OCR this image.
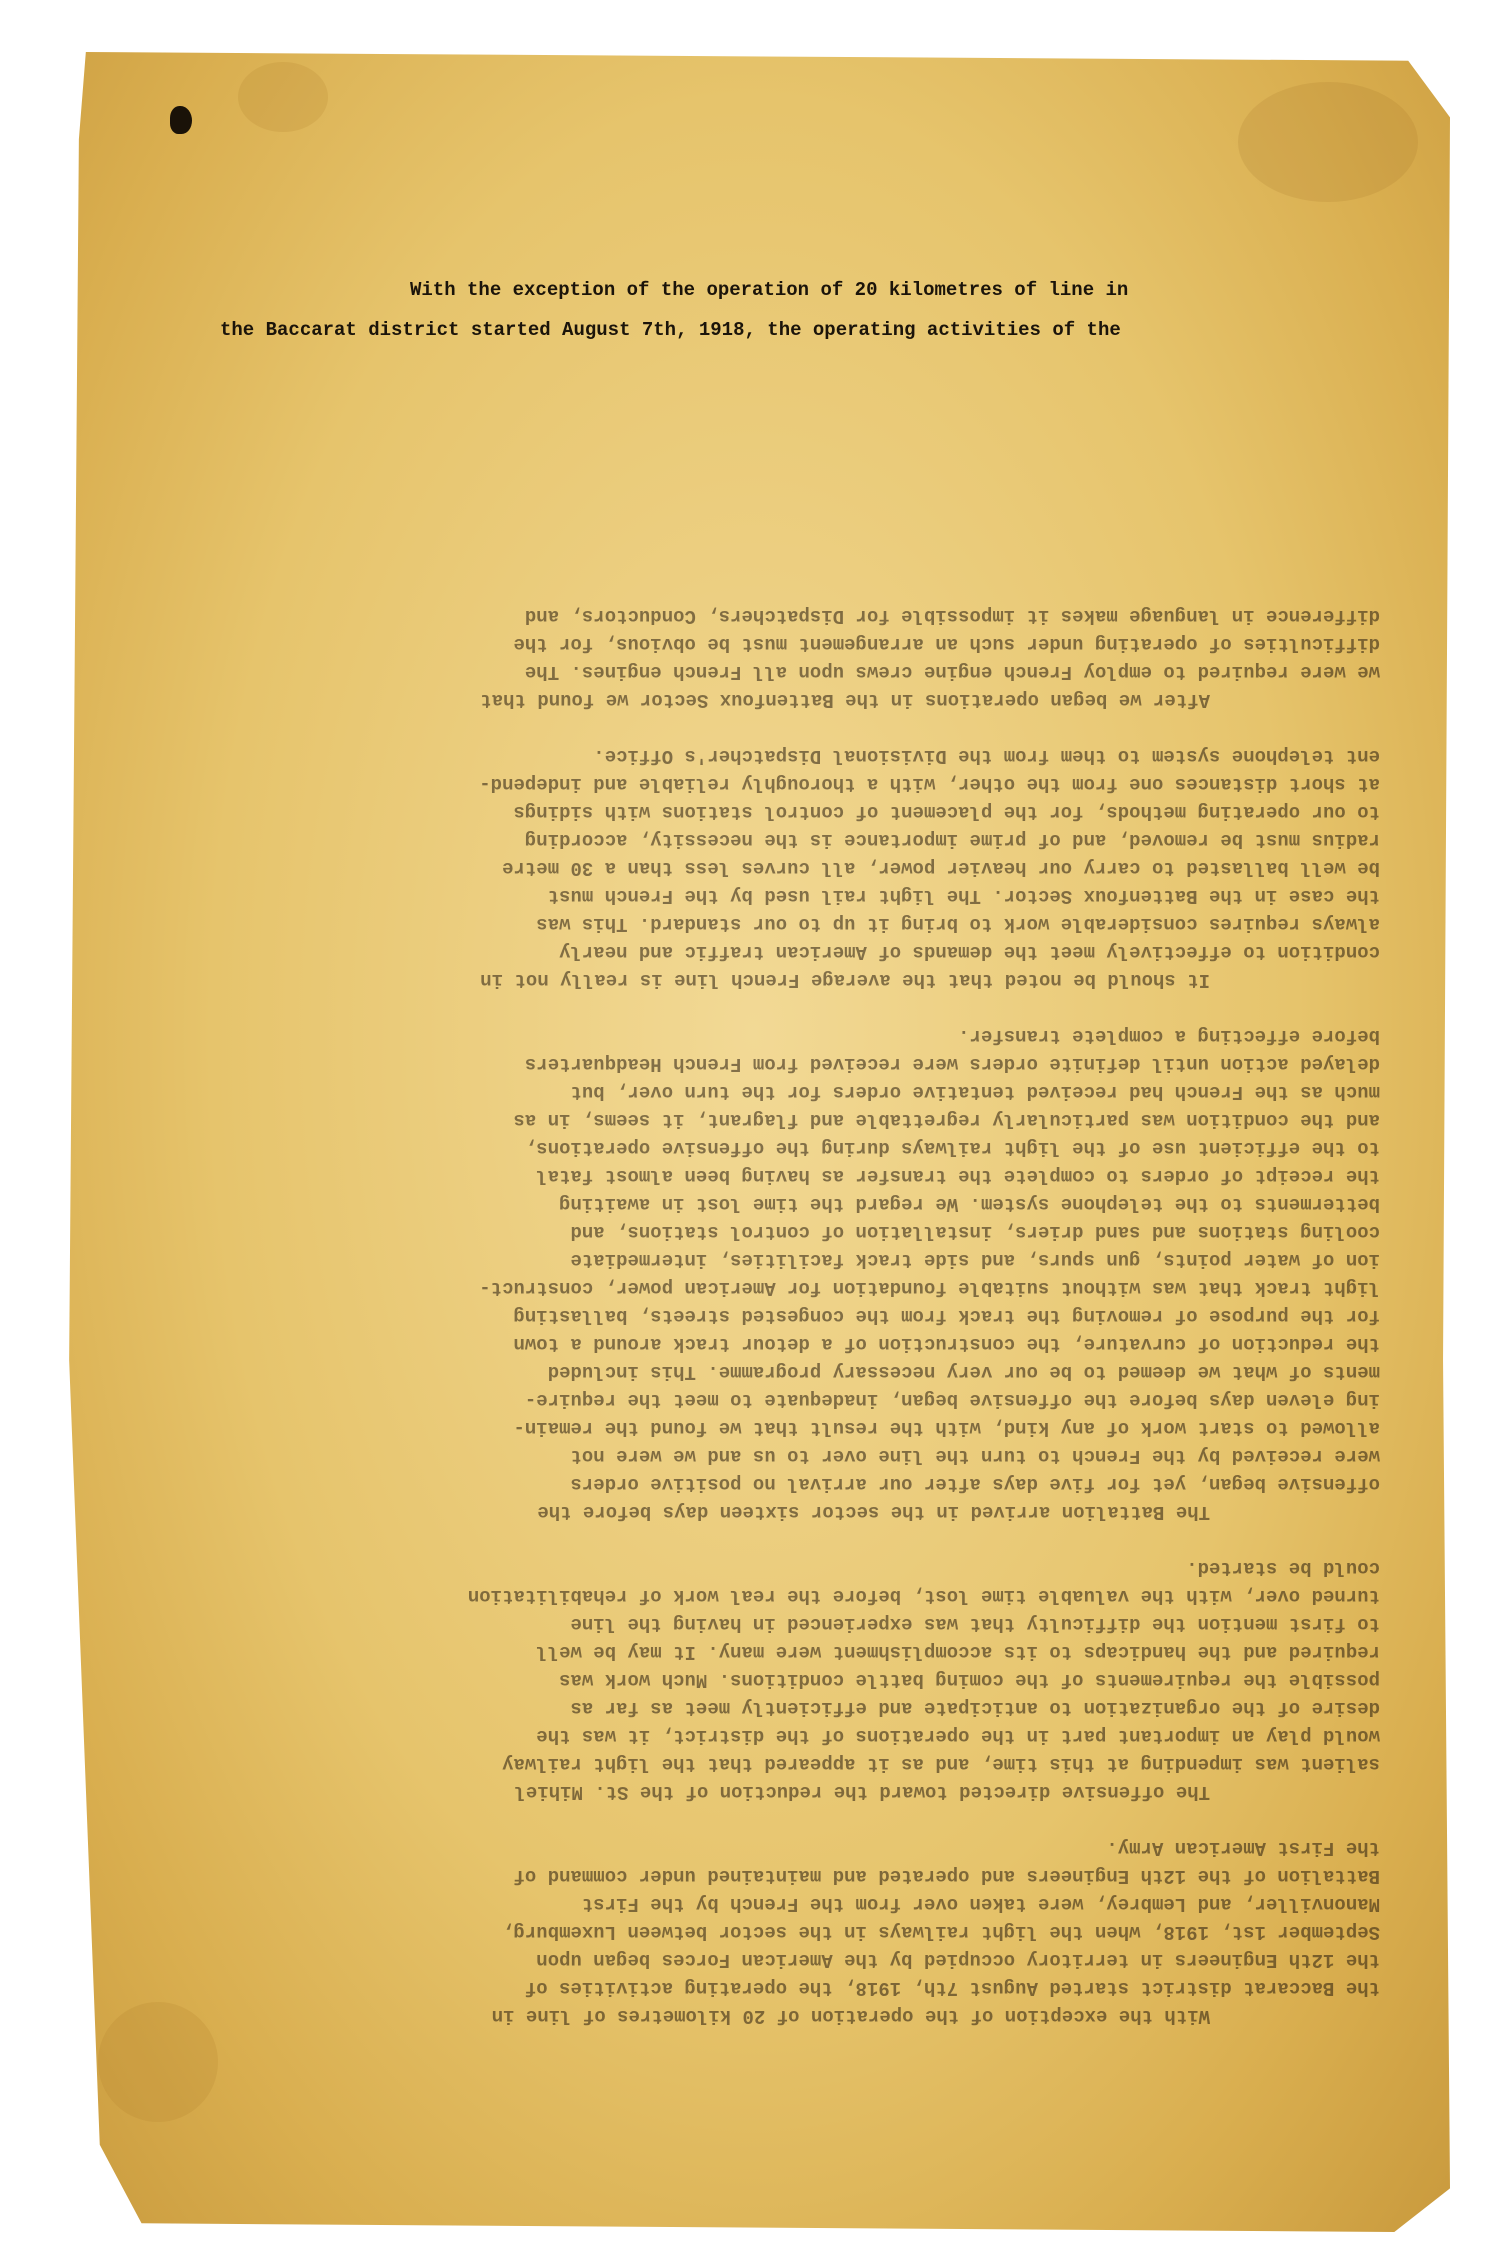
With the exception of the operation of 20 kilometres of line in
the Baccarat district started August 7th, 1918, the operating activities of the
With the exception of the operation of 20 kilometres of line in
the Baccarat district started August 7th, 1918, the operating activities of
the 12th Engineers in territory occupied by the American Forces began upon
September 1st, 1918, when the light railways in the sector between Luxemburg,
Manonviller, and Lembrey, were taken over from the French by the First
Battalion of the 12th Engineers and operated and maintained under command of
the First American Army.
The offensive directed toward the reduction of the St. Mihiel
salient was impending at this time, and as it appeared that the light railway
would play an important part in the operations of the district, it was the
desire of the organization to anticipate and efficiently meet as far as
possible the requirements of the coming battle conditions. Much work was
required and the handicaps to its accomplishment were many. It may be well
to first mention the difficulty that was experienced in having the line
turned over, with the valuable time lost, before the real work of rehabilitation
could be started.
The Battalion arrived in the sector sixteen days before the
offensive began, yet for five days after our arrival no positive orders
were received by the French to turn the line over to us and we were not
allowed to start work of any kind, with the result that we found the remain-
ing eleven days before the offensive began, inadequate to meet the require-
ments of what we deemed to be our very necessary programme. This included
the reduction of curvature, the construction of a detour track around a town
for the purpose of removing the track from the congested streets, ballasting
light track that was without suitable foundation for American power, construct-
ion of water points, gun spurs, and side track facilities, intermediate
cooling stations and sand driers, installation of control stations, and
betterments to the telephone system. We regard the time lost in awaiting
the receipt of orders to complete the transfer as having been almost fatal
to the efficient use of the light railways during the offensive operations,
and the condition was particularly regrettable and flagrant, it seems, in as
much as the French had received tentative orders for the turn over, but
delayed action until definite orders were received from French Headquarters
before effecting a complete transfer.
It should be noted that the average French line is really not in
condition to effectively meet the demands of American traffic and nearly
always requires considerable work to bring it up to our standard. This was
the case in the Battenfoux Sector. The light rail used by the French must
be well ballasted to carry our heavier power, all curves less than a 30 metre
radius must be removed, and of prime importance is the necessity, according
to our operating methods, for the placement of control stations with sidings
at short distances one from the other, with a thoroughly reliable and independ-
ent telephone system to them from the Divisional Dispatcher's Office.
After we began operations in the Battenfoux Sector we found that
we were required to employ French engine crews upon all French engines. The
difficulties of operating under such an arrangement must be obvious, for the
difference in language makes it impossible for Dispatchers, Conductors, and
